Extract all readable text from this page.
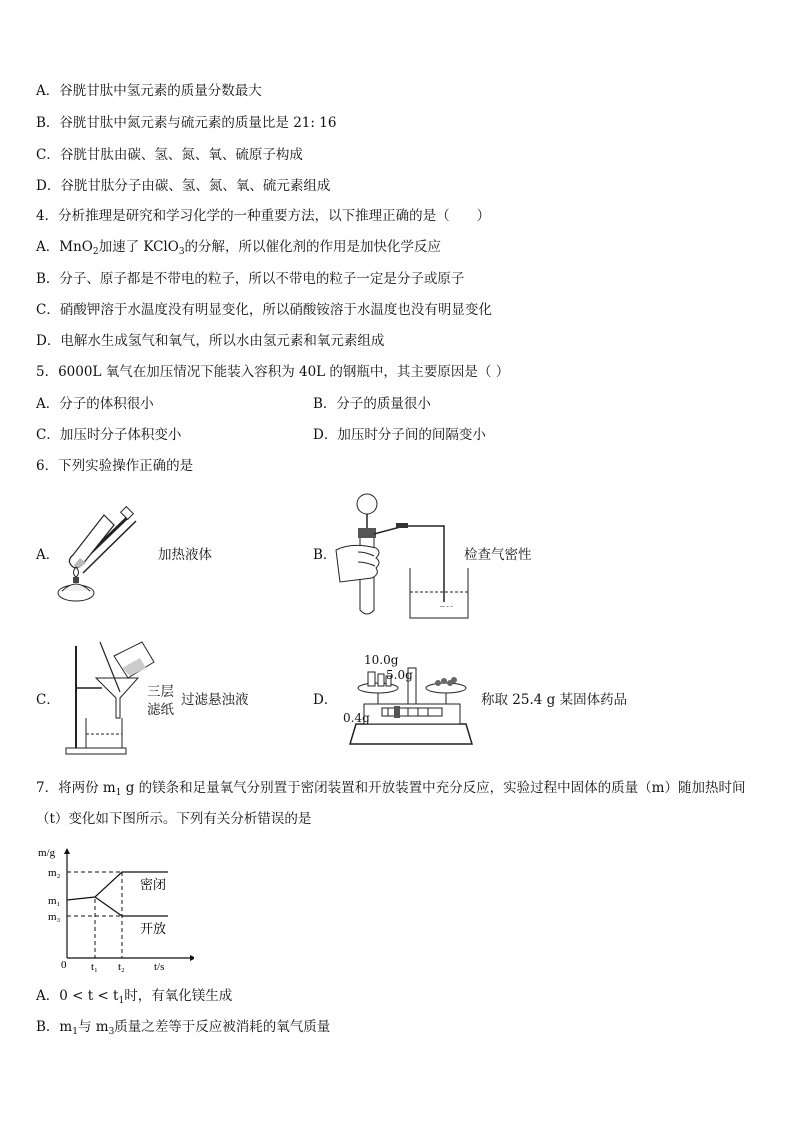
A．谷胱甘肽中氢元素的质量分数最大
B．谷胱甘肽中氮元素与硫元素的质量比是 21: 16
C．谷胱甘肽由碳、氢、氮、氧、硫原子构成
D．谷胱甘肽分子由碳、氢、氮、氧、硫元素组成
4．分析推理是研究和学习化学的一种重要方法，以下推理正确的是（　　）
A．MnO$_2$加速了 KClO$_3$的分解，所以催化剂的作用是加快化学反应
B．分子、原子都是不带电的粒子，所以不带电的粒子一定是分子或原子
C．硝酸钾溶于水温度没有明显变化，所以硝酸铵溶于水温度也没有明显变化
D．电解水生成氢气和氧气，所以水由氢元素和氧元素组成
5．6000L 氧气在加压情况下能装入容积为 40L 的钢瓶中，其主要原因是（ ）
A．分子的体积很小	B．分子的质量很小
C．加压时分子体积变小	D．加压时分子间的间隔变小
6．下列实验操作正确的是
A．	加热液体	B．
-- - -
检查气密性
C．	三层
滤纸
过滤悬浊液	D．
10.0g
5.0g
0.4g
称取 25.4 g 某固体药品
7．将两份 $m_1$ g 的镁条和足量氧气分别置于密闭装置和开放装置中充分反应，实验过程中固体的质量（m）随加热时间
（t）变化如下图所示。下列有关分析错误的是
m/g
m₂
m₁
m₃
0 t₁ t₂	t/s
密闭
开放
A．$0 < t < t_1$时，有氧化镁生成
B．$m_1$与 $m_3$质量之差等于反应被消耗的氧气质量
